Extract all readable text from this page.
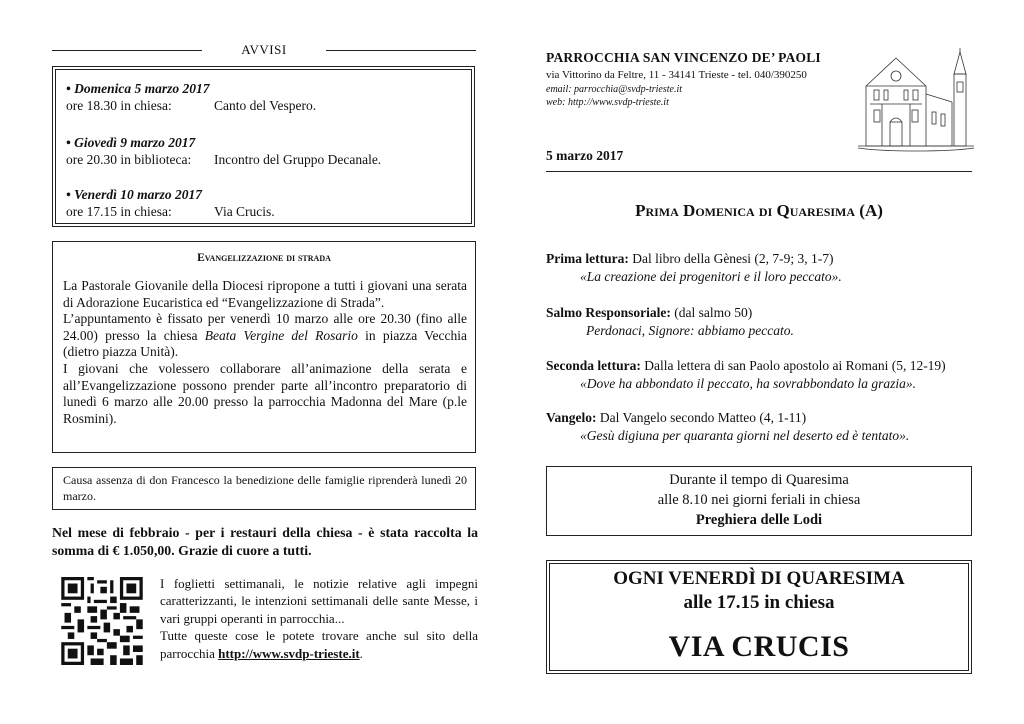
AVVISI
• Domenica 5 marzo 2017
ore 18.30 in chiesa:	Canto del Vespero.
• Giovedì 9 marzo 2017
ore 20.30 in biblioteca: Incontro del Gruppo Decanale.
• Venerdì 10 marzo 2017
ore 17.15 in chiesa:	Via Crucis.
Evangelizzazione di strada
La Pastorale Giovanile della Diocesi ripropone a tutti i giovani una serata di Adorazione Eucaristica ed “Evangelizzazione di Strada”.
L’appuntamento è fissato per venerdì 10 marzo alle ore 20.30 (fino alle 24.00) presso la chiesa Beata Vergine del Rosario in piazza Vecchia (dietro piazza Unità).
I giovani che volessero collaborare all’animazione della serata e all’Evangelizzazione possono prender parte all’incontro preparatorio di lunedì 6 marzo alle 20.00 presso la parrocchia Madonna del Mare (p.le Rosmini).
Causa assenza di don Francesco la benedizione delle famiglie riprenderà lunedì 20 marzo.
Nel mese di febbraio - per i restauri della chiesa - è stata raccolta la somma di € 1.050,00. Grazie di cuore a tutti.
I foglietti settimanali, le notizie relative agli impegni caratterizzanti, le intenzioni settimanali delle sante Messe, i vari gruppi operanti in parrocchia...
Tutte queste cose le potete trovare anche sul sito della parrocchia http://www.svdp-trieste.it.
PARROCCHIA SAN VINCENZO DE’ PAOLI
via Vittorino da Feltre, 11 - 34141 Trieste - tel. 040/390250
email: parrocchia@svdp-trieste.it
web: http://www.svdp-trieste.it
5 marzo 2017
Prima Domenica di Quaresima (A)
Prima lettura: Dal libro della Gènesi (2, 7-9; 3, 1-7)
«La creazione dei progenitori e il loro peccato».
Salmo Responsoriale: (dal salmo 50)
Perdonaci, Signore: abbiamo peccato.
Seconda lettura: Dalla lettera di san Paolo apostolo ai Romani (5, 12-19)
«Dove ha abbondato il peccato, ha sovrabbondato la grazia».
Vangelo: Dal Vangelo secondo Matteo (4, 1-11)
«Gesù digiuna per quaranta giorni nel deserto ed è tentato».
Durante il tempo di Quaresima
alle 8.10 nei giorni feriali in chiesa
Preghiera delle Lodi
OGNI VENERDÌ DI QUARESIMA
alle 17.15 in chiesa
VIA CRUCIS
